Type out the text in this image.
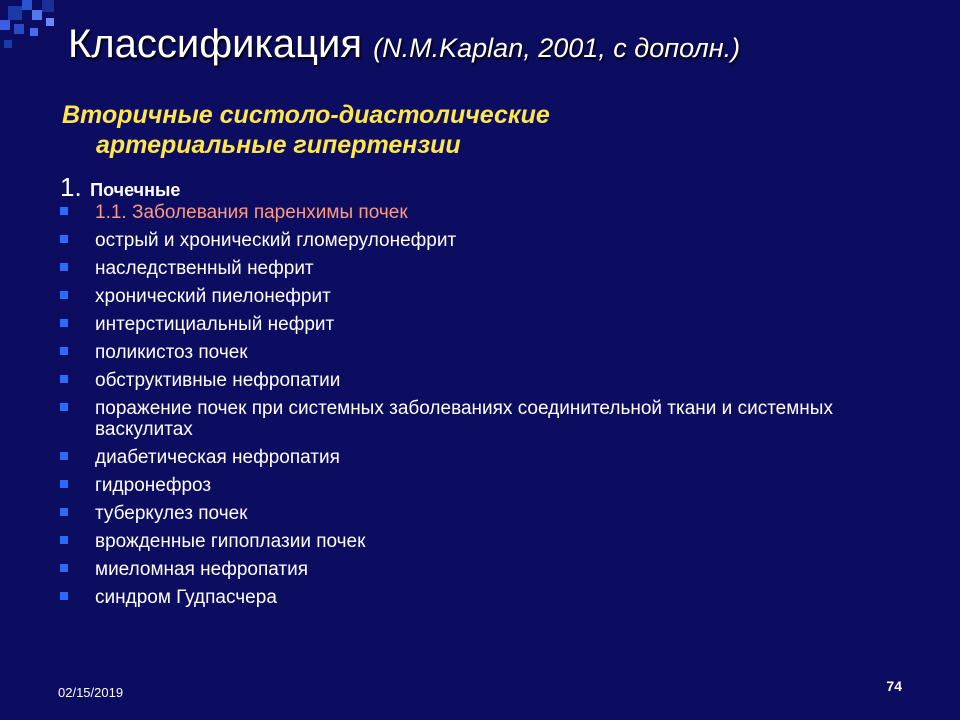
Классификация (N.M.Kaplan, 2001, с дополн.)
Вторичные систоло-диастолические
артериальные гипертензии
1. Почечные
1.1. Заболевания паренхимы почек
острый и хронический гломерулонефрит
наследственный нефрит
хронический пиелонефрит
интерстициальный нефрит
поликистоз почек
обструктивные нефропатии
поражение почек при системных заболеваниях соединительной ткани и системных васкулитах
диабетическая нефропатия
гидронефроз
туберкулез почек
врожденные гипоплазии почек
миеломная нефропатия
синдром Гудпасчера
02/15/2019	74
